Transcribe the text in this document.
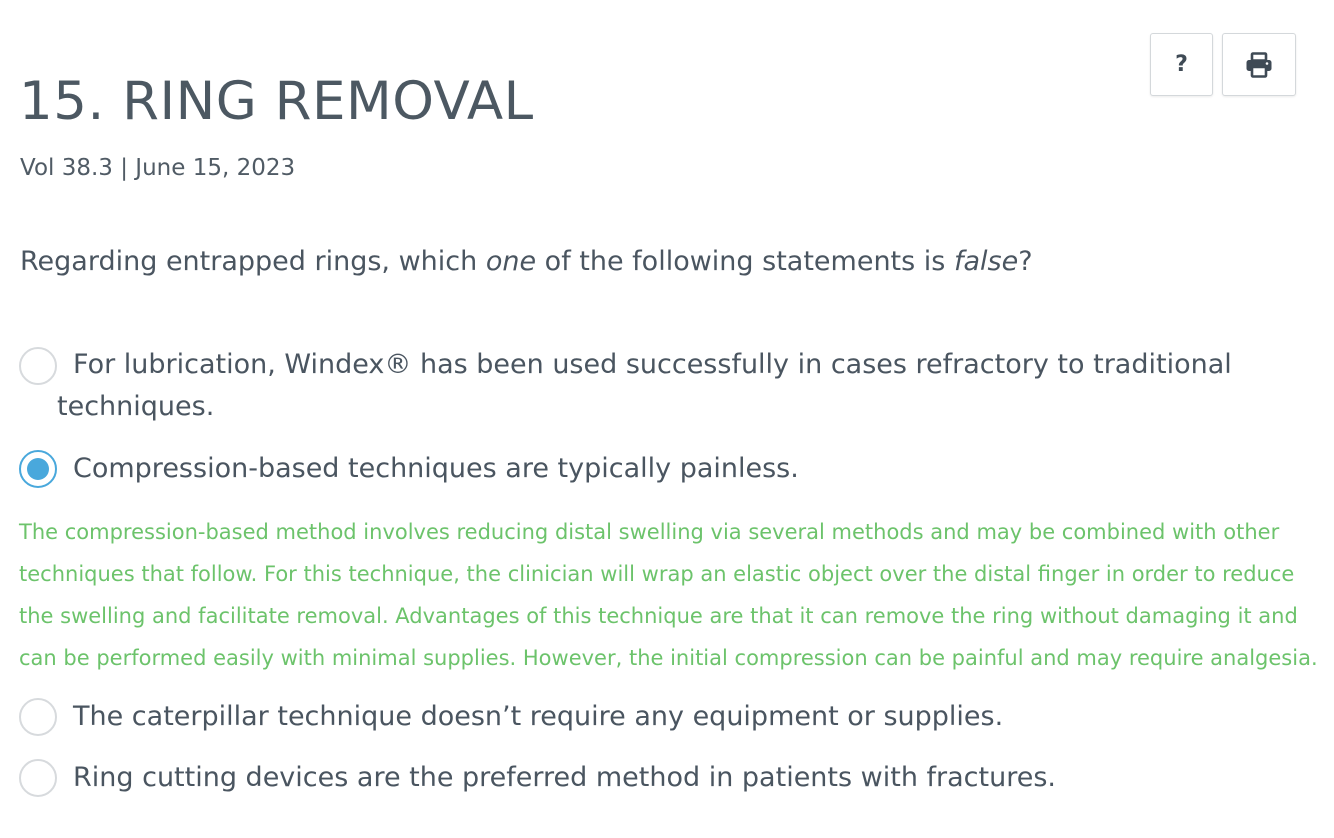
?
15. RING REMOVAL
Vol 38.3 | June 15, 2023
Regarding entrapped rings, which one of the following statements is false?
For lubrication, Windex® has been used successfully in cases refractory to traditional
techniques.
Compression-based techniques are typically painless.
The compression-based method involves reducing distal swelling via several methods and may be combined with other
techniques that follow. For this technique, the clinician will wrap an elastic object over the distal finger in order to reduce
the swelling and facilitate removal. Advantages of this technique are that it can remove the ring without damaging it and
can be performed easily with minimal supplies. However, the initial compression can be painful and may require analgesia.
The caterpillar technique doesn’t require any equipment or supplies.
Ring cutting devices are the preferred method in patients with fractures.
